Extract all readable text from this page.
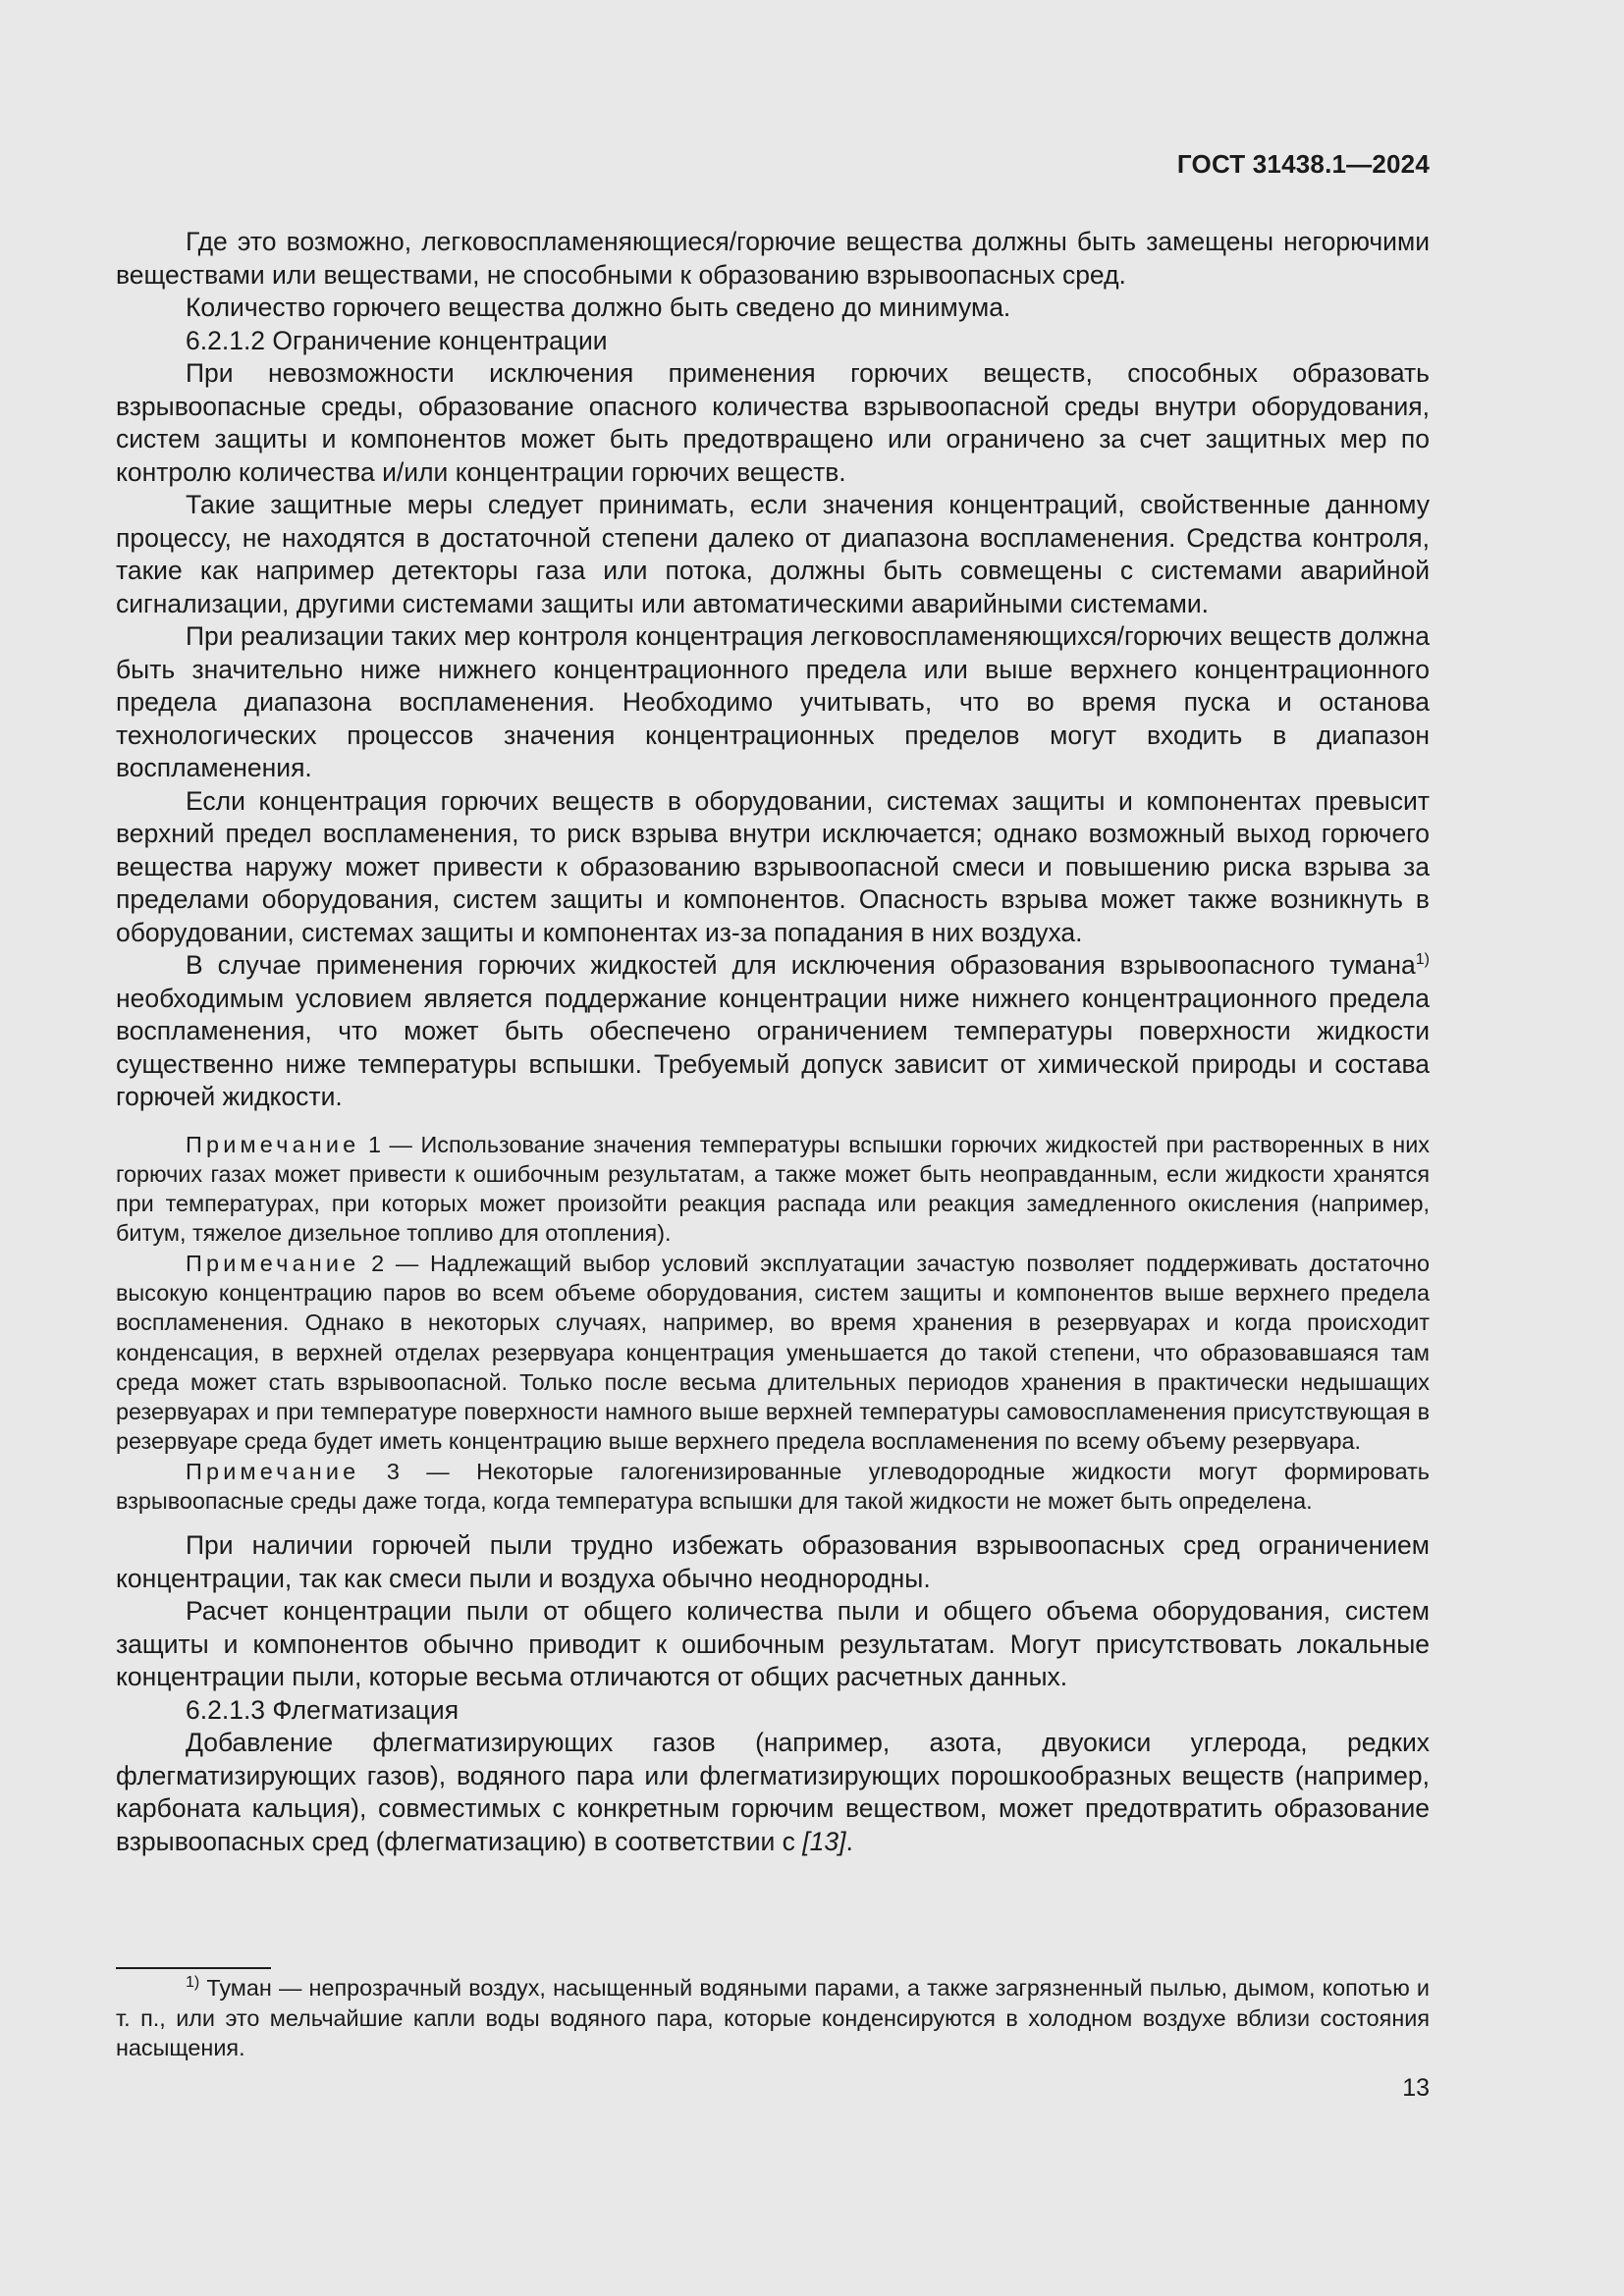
ГОСТ 31438.1—2024

Где это возможно, легковоспламеняющиеся/горючие вещества должны быть замещены негорючими веществами или веществами, не способными к образованию взрывоопасных сред.

Количество горючего вещества должно быть сведено до минимума.

6.2.1.2 Ограничение концентрации

При невозможности исключения применения горючих веществ, способных образовать взрывоопасные среды, образование опасного количества взрывоопасной среды внутри оборудования, систем защиты и компонентов может быть предотвращено или ограничено за счет защитных мер по контролю количества и/или концентрации горючих веществ.

Такие защитные меры следует принимать, если значения концентраций, свойственные данному процессу, не находятся в достаточной степени далеко от диапазона воспламенения. Средства контроля, такие как например детекторы газа или потока, должны быть совмещены с системами аварийной сигнализации, другими системами защиты или автоматическими аварийными системами.

При реализации таких мер контроля концентрация легковоспламеняющихся/горючих веществ должна быть значительно ниже нижнего концентрационного предела или выше верхнего концентрационного предела диапазона воспламенения. Необходимо учитывать, что во время пуска и останова технологических процессов значения концентрационных пределов могут входить в диапазон воспламенения.

Если концентрация горючих веществ в оборудовании, системах защиты и компонентах превысит верхний предел воспламенения, то риск взрыва внутри исключается; однако возможный выход горючего вещества наружу может привести к образованию взрывоопасной смеси и повышению риска взрыва за пределами оборудования, систем защиты и компонентов. Опасность взрыва может также возникнуть в оборудовании, системах защиты и компонентах из-за попадания в них воздуха.

В случае применения горючих жидкостей для исключения образования взрывоопасного тумана$^{1)}$ необходимым условием является поддержание концентрации ниже нижнего концентрационного предела воспламенения, что может быть обеспечено ограничением температуры поверхности жидкости существенно ниже температуры вспышки. Требуемый допуск зависит от химической природы и состава горючей жидкости.

Примечание 1 — Использование значения температуры вспышки горючих жидкостей при растворенных в них горючих газах может привести к ошибочным результатам, а также может быть неоправданным, если жидкости хранятся при температурах, при которых может произойти реакция распада или реакция замедленного окисления (например, битум, тяжелое дизельное топливо для отопления).

Примечание 2 — Надлежащий выбор условий эксплуатации зачастую позволяет поддерживать достаточно высокую концентрацию паров во всем объеме оборудования, систем защиты и компонентов выше верхнего предела воспламенения. Однако в некоторых случаях, например, во время хранения в резервуарах и когда происходит конденсация, в верхней отделах резервуара концентрация уменьшается до такой степени, что образовавшаяся там среда может стать взрывоопасной. Только после весьма длительных периодов хранения в практически недышащих резервуарах и при температуре поверхности намного выше верхней температуры самовоспламенения присутствующая в резервуаре среда будет иметь концентрацию выше верхнего предела воспламенения по всему объему резервуара.

Примечание 3 — Некоторые галогенизированные углеводородные жидкости могут формировать взрывоопасные среды даже тогда, когда температура вспышки для такой жидкости не может быть определена.

При наличии горючей пыли трудно избежать образования взрывоопасных сред ограничением концентрации, так как смеси пыли и воздуха обычно неоднородны.

Расчет концентрации пыли от общего количества пыли и общего объема оборудования, систем защиты и компонентов обычно приводит к ошибочным результатам. Могут присутствовать локальные концентрации пыли, которые весьма отличаются от общих расчетных данных.

6.2.1.3 Флегматизация

Добавление флегматизирующих газов (например, азота, двуокиси углерода, редких флегматизирующих газов), водяного пара или флегматизирующих порошкообразных веществ (например, карбоната кальция), совместимых с конкретным горючим веществом, может предотвратить образование взрывоопасных сред (флегматизацию) в соответствии с [13].

$^{1)}$ Туман — непрозрачный воздух, насыщенный водяными парами, а также загрязненный пылью, дымом, копотью и т. п., или это мельчайшие капли воды водяного пара, которые конденсируются в холодном воздухе вблизи состояния насыщения.

13
